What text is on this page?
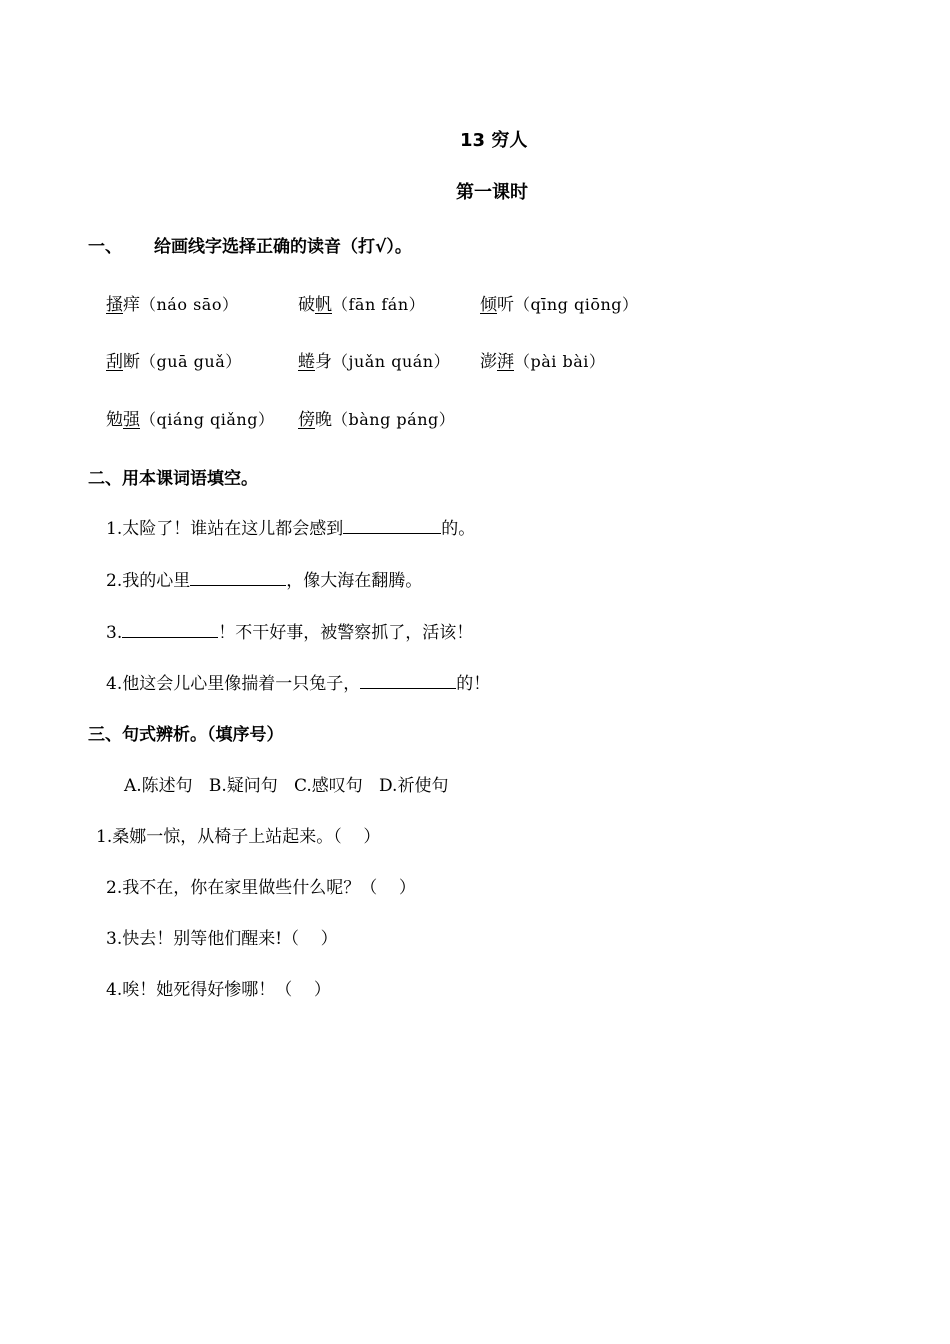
13 穷人
第一课时
一、 给画线字选择正确的读音（打√）。
搔痒（náo sāo）	破帆（fān fán）	倾听（qīng qiōng）
刮断（guā guǎ）	蜷身（juǎn quán） 澎湃（pài bài）
勉强（qiáng qiǎng） 傍晚（bàng páng）
二、用本课词语填空。
1.太险了！谁站在这儿都会感到	的。
2.我的心里	，像大海在翻腾。
3.	！不干好事，被警察抓了，活该！
4.他这会儿心里像揣着一只兔子，	的！
三、句式辨析。（填序号）
A.陈述句   B.疑问句   C.感叹句   D.祈使句
1.桑娜一惊，从椅子上站起来。（    ）
2.我不在，你在家里做些什么呢？（    ）
3.快去！别等他们醒来!（    ）
4.唉！她死得好惨哪！（    ）
